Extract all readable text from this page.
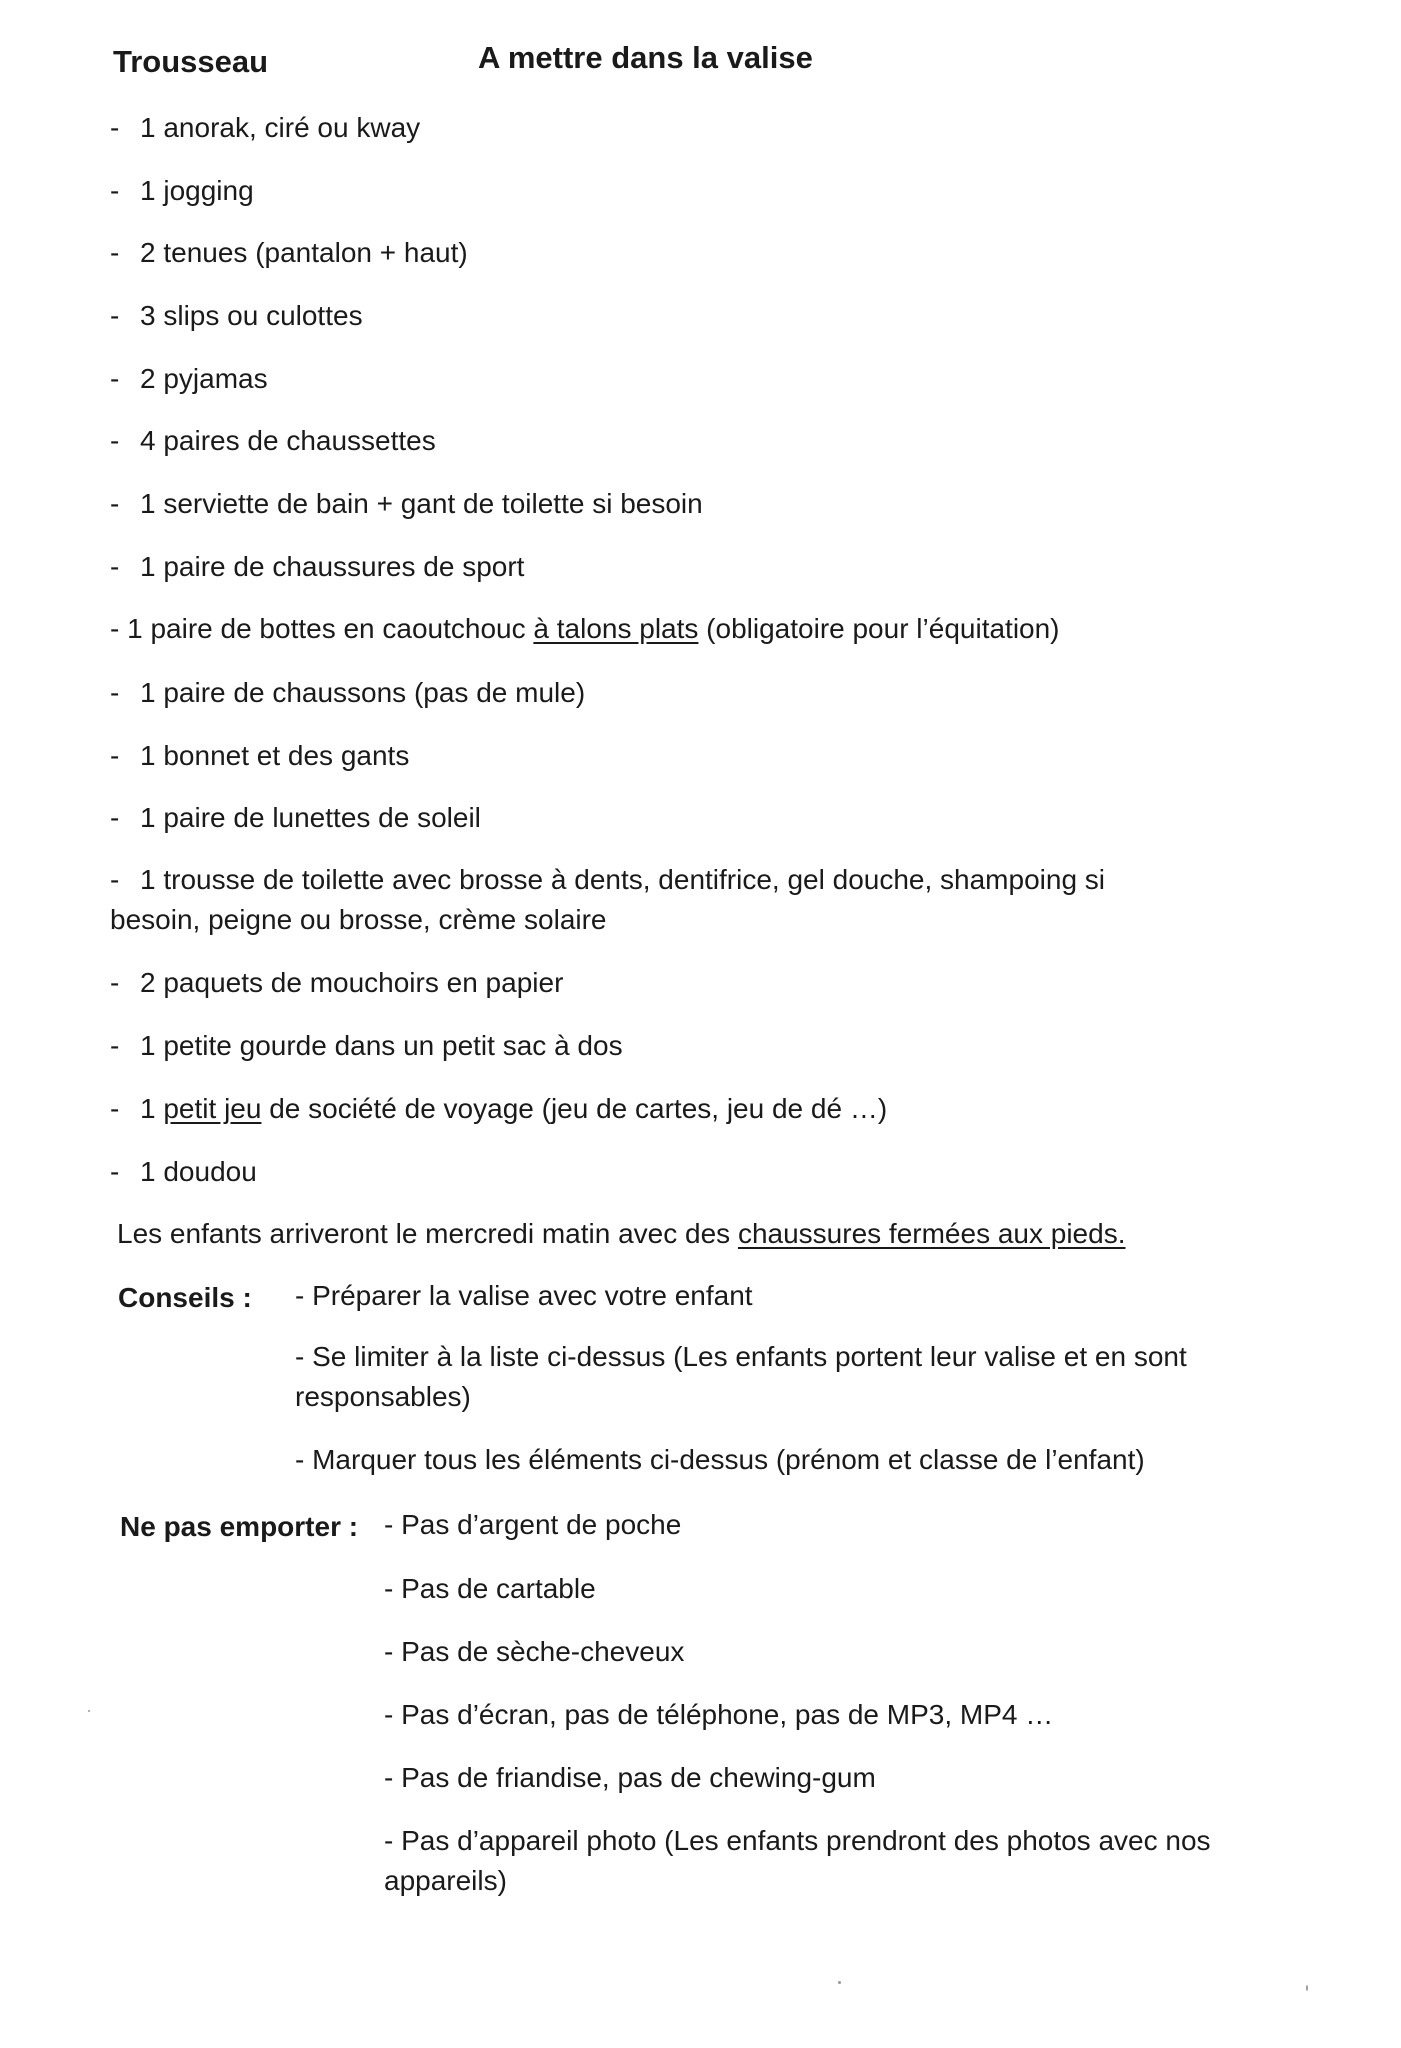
Trousseau	A mettre dans la valise
- 1 anorak, ciré ou kway
- 1 jogging
- 2 tenues (pantalon + haut)
- 3 slips ou culottes
- 2 pyjamas
- 4 paires de chaussettes
- 1 serviette de bain + gant de toilette si besoin
- 1 paire de chaussures de sport
- 1 paire de bottes en caoutchouc à talons plats (obligatoire pour l’équitation)
- 1 paire de chaussons (pas de mule)
- 1 bonnet et des gants
- 1 paire de lunettes de soleil
- 1 trousse de toilette avec brosse à dents, dentifrice, gel douche, shampoing si besoin, peigne ou brosse, crème solaire
- 2 paquets de mouchoirs en papier
- 1 petite gourde dans un petit sac à dos
- 1 petit jeu de société de voyage (jeu de cartes, jeu de dé …)
- 1 doudou
Les enfants arriveront le mercredi matin avec des chaussures fermées aux pieds.
Conseils : - Préparer la valise avec votre enfant
- Se limiter à la liste ci-dessus (Les enfants portent leur valise et en sont responsables)
- Marquer tous les éléments ci-dessus (prénom et classe de l’enfant)
Ne pas emporter : - Pas d’argent de poche
- Pas de cartable
- Pas de sèche-cheveux
- Pas d’écran, pas de téléphone, pas de MP3, MP4 …
- Pas de friandise, pas de chewing-gum
- Pas d’appareil photo (Les enfants prendront des photos avec nos appareils)
